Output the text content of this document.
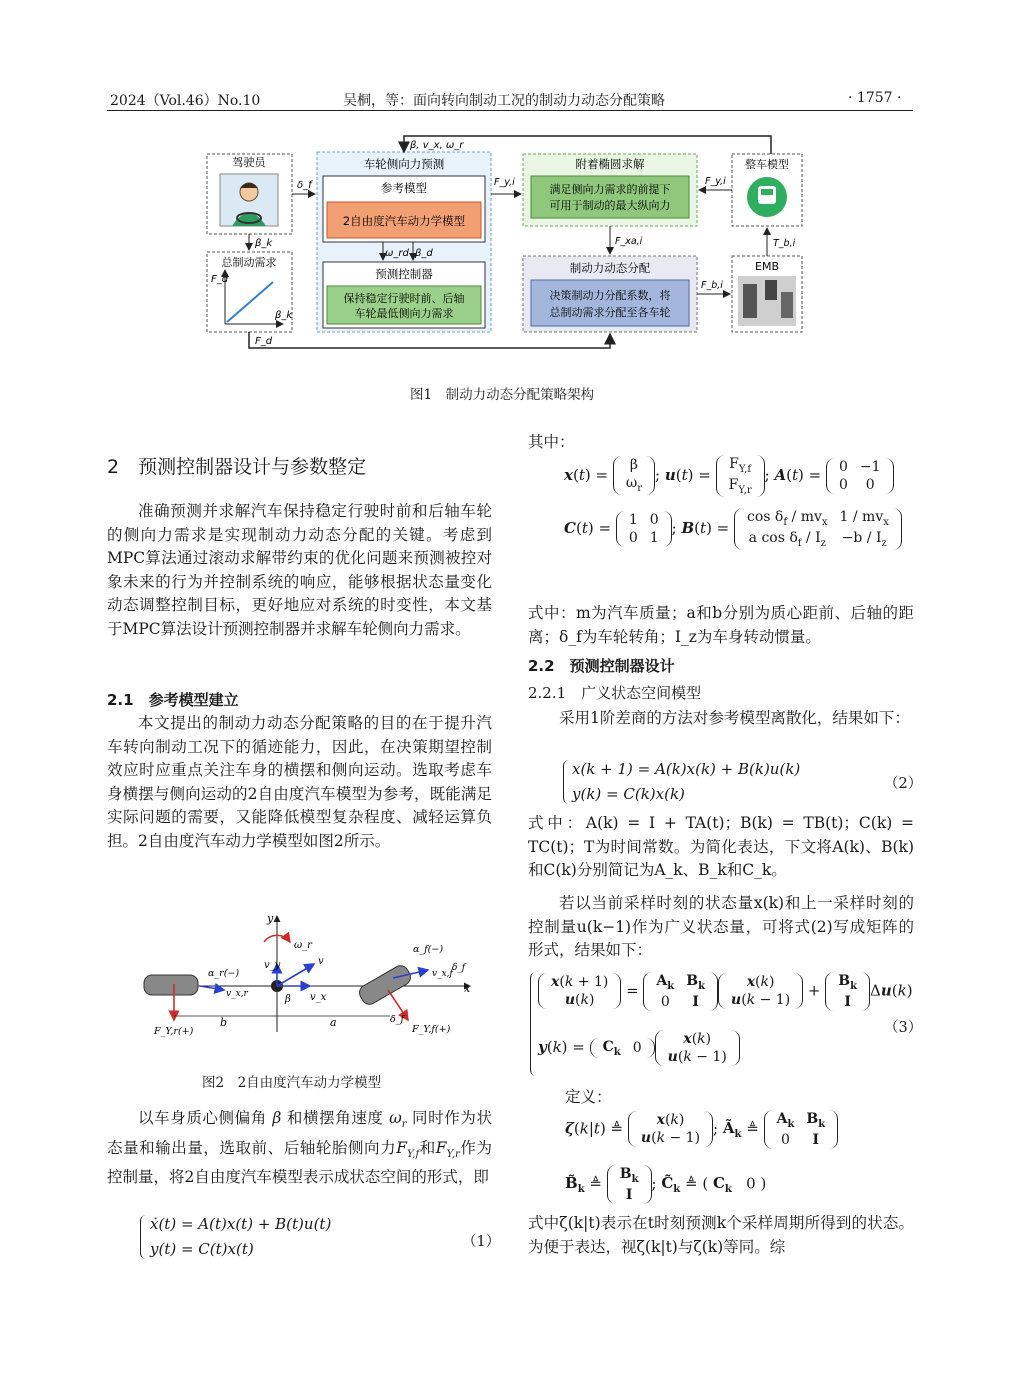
2024（Vol.46）No.10	吴桐，等：面向转向制动工况的制动力动态分配策略	· 1757 ·
驾驶员	车轮侧向力预测
参考模型
2自由度汽车动力学模型
ω_rd β_d
预测控制器
保持稳定行驶时前、后轴
车轮最低侧向力需求
附着椭圆求解
满足侧向力需求的前提下
可用于制动的最大纵向力
整车模型
总制动需求
F_d
β_k
制动力动态分配
决策制动力分配系数，将
总制动需求分配至各车轮
EMB
β, v_x, ω_r
δ_f
β_k
F_y,i	F_y,i
F_xa,i
F_b,i
T_b,i
F_d
图1　制动力动态分配策略架构
2　预测控制器设计与参数整定

准确预测并求解汽车保持稳定行驶时前和后轴车轮的侧向力需求是实现制动力动态分配的关键。考虑到MPC算法通过滚动求解带约束的优化问题来预测被控对象未来的行为并控制系统的响应，能够根据状态量变化动态调整控制目标，更好地应对系统的时变性，本文基于MPC算法设计预测控制器并求解车轮侧向力需求。

2.1　参考模型建立

本文提出的制动力动态分配策略的目的在于提升汽车转向制动工况下的循迹能力，因此，在决策期望控制效应时应重点关注车身的横摆和侧向运动。选取考虑车身横摆与侧向运动的2自由度汽车模型为参考，既能满足实际问题的需要，又能降低模型复杂程度、减轻运算负担。2自由度汽车动力学模型如图2所示。

x
y
ω_r
v_y	v
v_x
β
α_r(−)
v_x,r
F_Y,r(+)
α_f(−)
δ_f
v_x,f
δ_f
F_Y,f(+)
b	a
图2　2自由度汽车动力学模型

以车身质心侧偏角 β 和横摆角速度 $\omega_r$ 同时作为状态量和输出量，选取前、后轴轮胎侧向力$F_{Y,f}$和$F_{Y,r}$作为控制量，将2自由度汽车模型表示成状态空间的形式，即

ẋ(t) = A(t)x(t) + B(t)u(t)
y(t) = C(t)x(t)	（1）
其中：
x(t) =
β
$\omega_r$
; u(t) =
$F_{Y,f}$
$F_{Y,r}$
; A(t) = 0	−1
0	0
C(t) = 1	0
0	1
; B(t) =
$\cos \delta_f / mv_x$	$1 / mv_x$
a $\cos \delta_f / I_z$	$-b / I_z$

式中：m为汽车质量；a和b分别为质心距前、后轴的距离；δ_f为车轮转角；I_z为车身转动惯量。

2.2　预测控制器设计
2.2.1　广义状态空间模型

采用1阶差商的方法对参考模型离散化，结果如下：

x(k + 1) = A(k)x(k) + B(k)u(k)
y(k) = C(k)x(k)
（2）

式中：A(k) = I + TA(t)；B(k) = TB(t)；C(k) = TC(t)；T为时间常数。为简化表达，下文将A(k)、B(k)和C(k)分别简记为A_k、B_k和C_k。

若以当前采样时刻的状态量x(k)和上一采样时刻的控制量u(k−1)作为广义状态量，可将式(2)写成矩阵的形式，结果如下：

x(k + 1)
u(k)
=
$A_k$	$B_k$
0	I
x(k)
u(k − 1)
+
$B_k$
I
Δu(k)
（3）
$y(k) = C_k$	0
x(k)
u(k − 1)
定义：
ζ(k|t) ≜ x(k)
u(k − 1)
; $Ã_k$ ≜
$A_k$	$B_k$
0	I
$B̃_k$ ≜
$B_k$
I
; $C̃_k$ ≜ ( $C_k$   0 )

式中ζ(k|t)表示在t时刻预测k个采样周期所得到的状态。为便于表达，视ζ(k|t)与ζ(k)等同。综
